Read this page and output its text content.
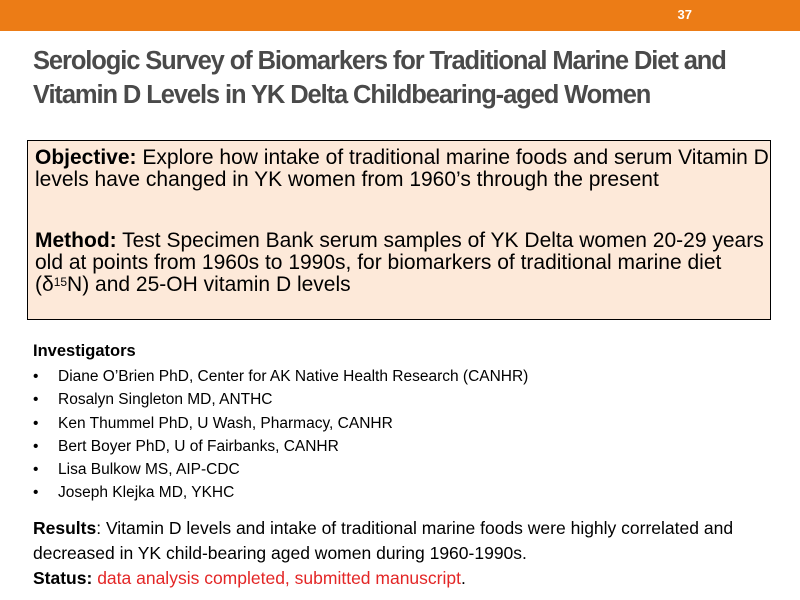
37
Serologic Survey of Biomarkers for Traditional Marine Diet and
Vitamin D Levels in YK Delta Childbearing-aged Women

Objective: Explore how intake of traditional marine foods and serum Vitamin D levels have changed in YK women from 1960’s through the present

Method: Test Specimen Bank serum samples of YK Delta women 20-29 years old at points from 1960s to 1990s, for biomarkers of traditional marine diet $(\delta^{15}N)$ and 25-OH vitamin D levels

Investigators

• Diane O’Brien PhD, Center for AK Native Health Research (CANHR)
• Rosalyn Singleton MD, ANTHC
• Ken Thummel PhD, U Wash, Pharmacy, CANHR
• Bert Boyer PhD, U of Fairbanks, CANHR
• Lisa Bulkow MS, AIP-CDC
• Joseph Klejka MD, YKHC

Results: Vitamin D levels and intake of traditional marine foods were highly correlated and decreased in YK child-bearing aged women during 1960-1990s.

Status: data analysis completed, submitted manuscript.
